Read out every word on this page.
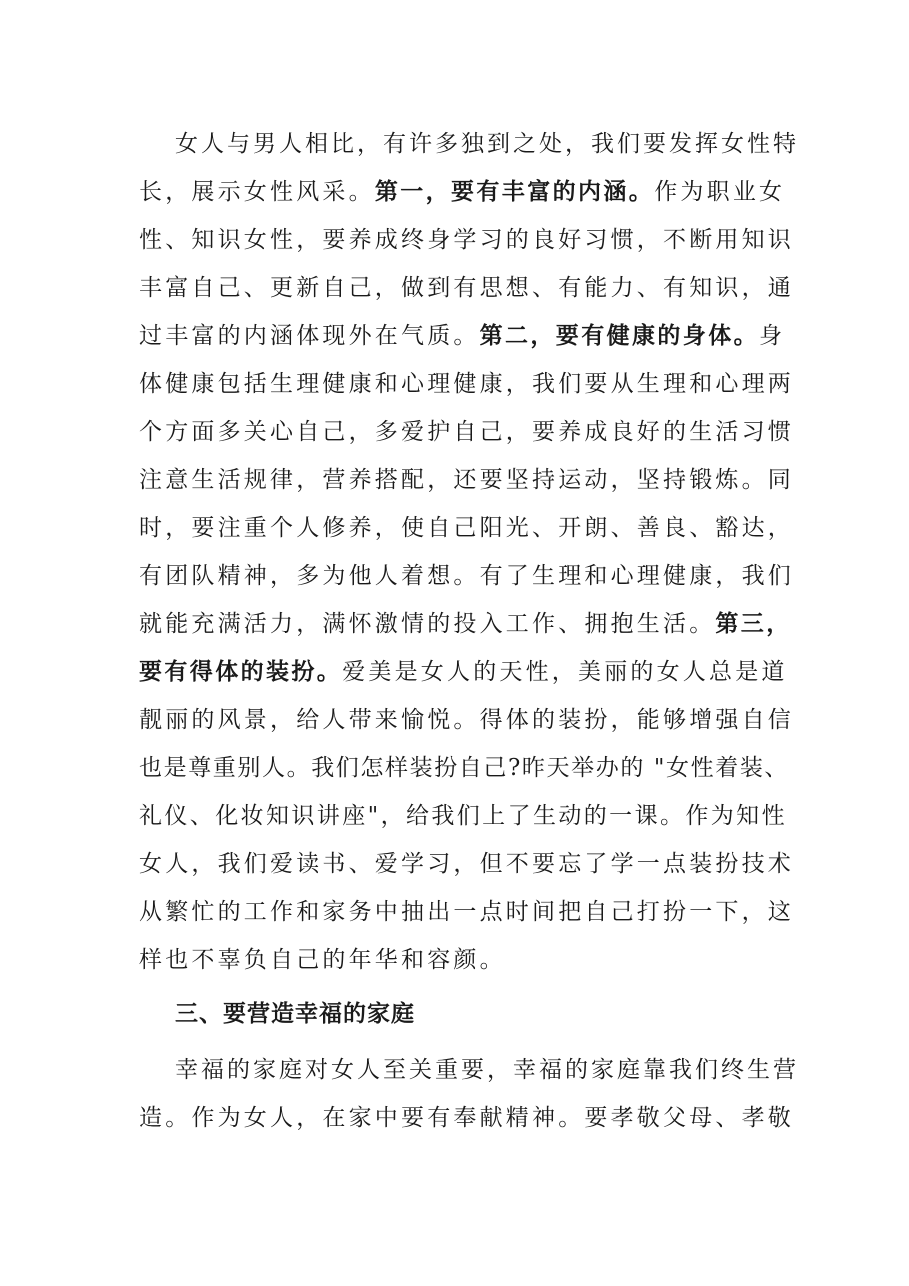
女人与男人相比，有许多独到之处，我们要发挥女性特
长，展示女性风采。第一，要有丰富的内涵。作为职业女
性、知识女性，要养成终身学习的良好习惯，不断用知识
丰富自己、更新自己，做到有思想、有能力、有知识，通
过丰富的内涵体现外在气质。第二，要有健康的身体。身
体健康包括生理健康和心理健康，我们要从生理和心理两
个方面多关心自己，多爱护自己，要养成良好的生活习惯
注意生活规律，营养搭配，还要坚持运动，坚持锻炼。同
时，要注重个人修养，使自己阳光、开朗、善良、豁达，
有团队精神，多为他人着想。有了生理和心理健康，我们
就能充满活力，满怀激情的投入工作、拥抱生活。第三，
要有得体的装扮。爱美是女人的天性，美丽的女人总是道
靓丽的风景，给人带来愉悦。得体的装扮，能够增强自信
也是尊重别人。我们怎样装扮自己?昨天举办的 "女性着装、
礼仪、化妆知识讲座"，给我们上了生动的一课。作为知性
女人，我们爱读书、爱学习，但不要忘了学一点装扮技术
从繁忙的工作和家务中抽出一点时间把自己打扮一下，这
样也不辜负自己的年华和容颜。
三、要营造幸福的家庭
幸福的家庭对女人至关重要，幸福的家庭靠我们终生营
造。作为女人，在家中要有奉献精神。要孝敬父母、孝敬
